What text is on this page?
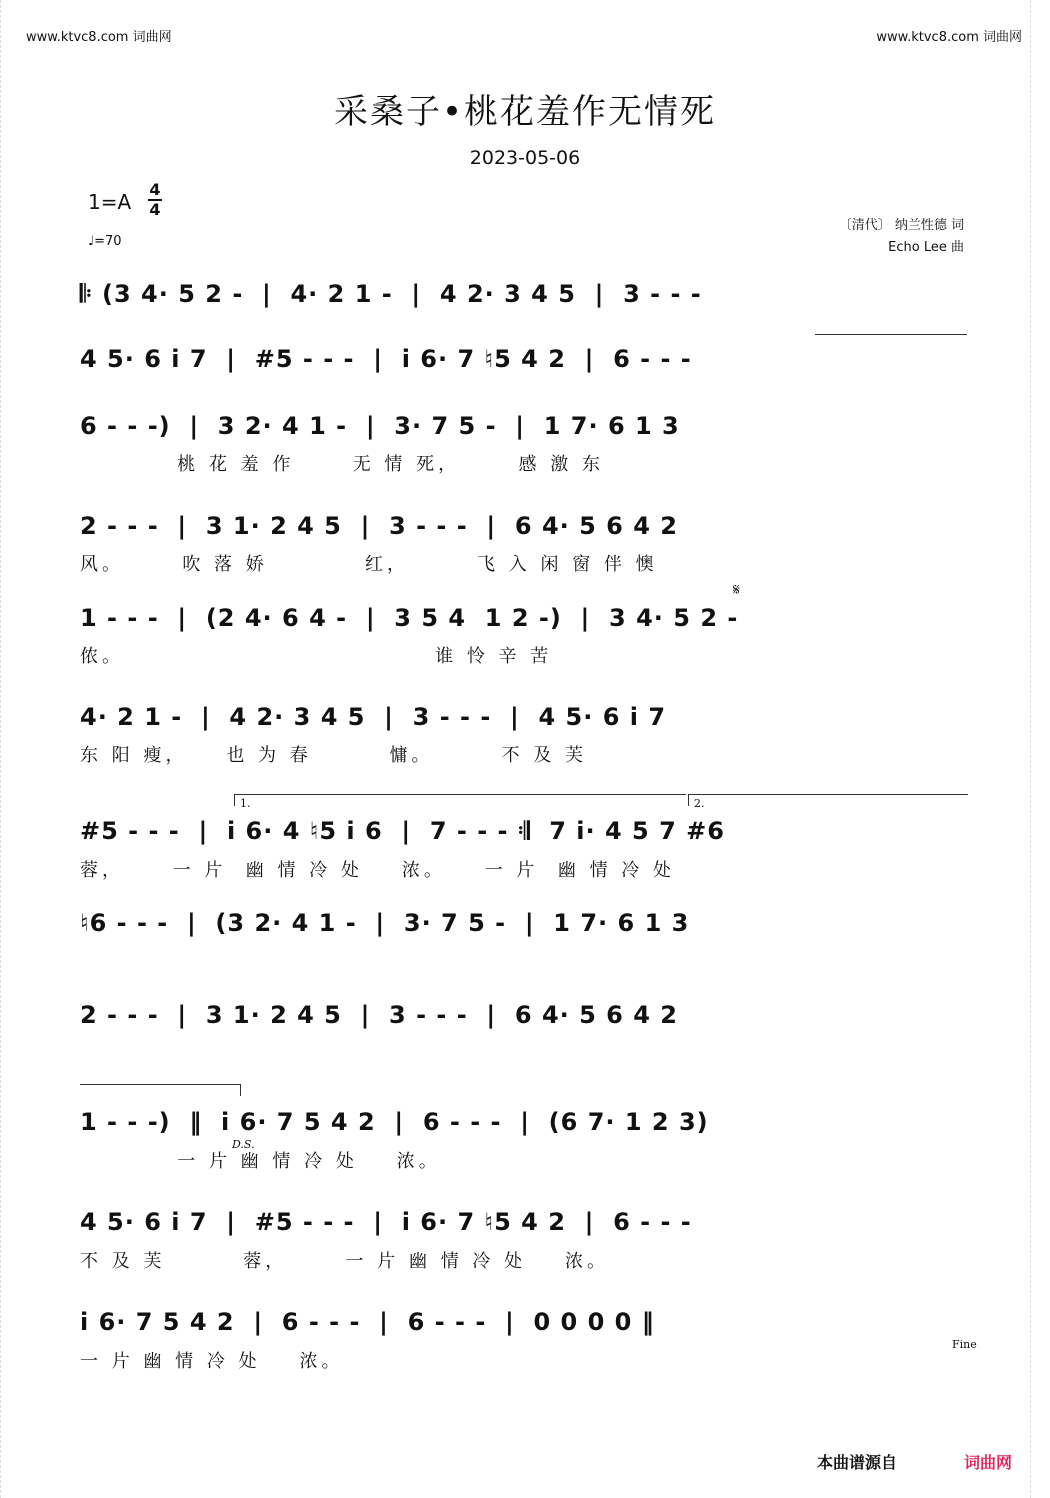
www.ktvc8.com 词曲网	www.ktvc8.com 词曲网
采桑子•桃花羞作无情死
2023-05-06
1=A
4
4
♩=70
〔清代〕 纳兰性德 词
Echo Lee 曲
𝄆 (3 4· 5 2 -  |  4· 2 1 -  |  4 2· 3 4 5  |  3 - - -
4 5· 6 i 7  |  #5 - - -  |  i 6· 7 ♮5 4 2  |  6 - - -
6 - - -)  |  3 2· 4 1 -  |  3· 7 5 -  |  1 7· 6 1 3
桃 花 羞 作      无 情 死，      感 激 东
2 - - -  |  3 1· 2 4 5  |  3 - - -  |  6 4· 5 6 4 2
风。      吹 落 娇          红，       飞 入 闲 窗 伴 懊
𝄋
1 - - -  |  (2 4· 6 4 -  |  3 5 4  1 2 -)  |  3 4· 5 2 -
侬。                                谁 怜 辛 苦
4· 2 1 -  |  4 2· 3 4 5  |  3 - - -  |  4 5· 6 i 7
东 阳 瘦，    也 为 春        慵。       不 及 芙
1.	2.
#5 - - -  |  i 6· 4 ♮5 i 6  |  7 - - - 𝄇  7 i· 4 5 7 #6
蓉，     一 片  幽 情 冷 处    浓。    一 片  幽 情 冷 处
♮6 - - -  |  (3 2· 4 1 -  |  3· 7 5 -  |  1 7· 6 1 3
2 - - -  |  3 1· 2 4 5  |  3 - - -  |  6 4· 5 6 4 2
1 - - -)  ‖  i 6· 7 5 4 2  |  6 - - -  |  (6 7· 1 2 3)
D.S.
一 片 幽 情 冷 处    浓。
4 5· 6 i 7  |  #5 - - -  |  i 6· 7 ♮5 4 2  |  6 - - -
不 及 芙        蓉，      一 片 幽 情 冷 处    浓。
i 6· 7 5 4 2  |  6 - - -  |  6 - - -  |  0 0 0 0 ‖
Fine
一 片 幽 情 冷 处    浓。
本曲谱源自	词曲网
